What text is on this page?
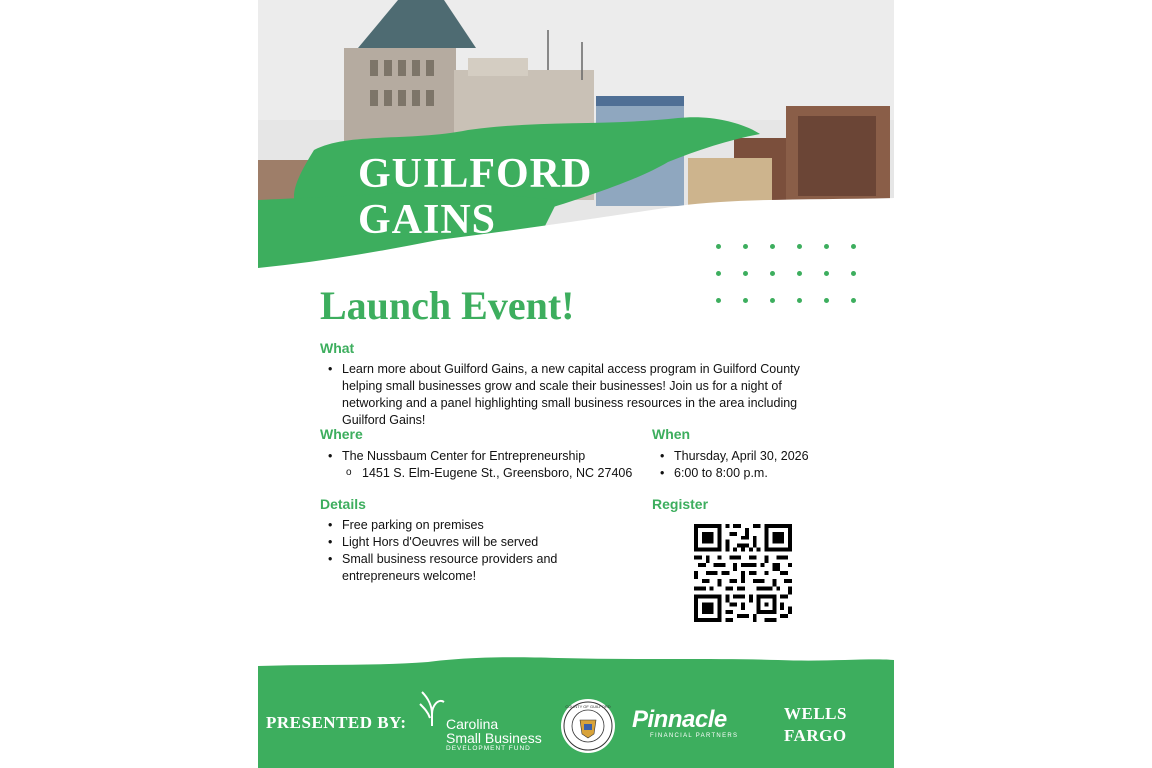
GUILFORD
GAINS
Launch Event!
What
• Learn more about Guilford Gains, a new capital access program in Guilford County helping small businesses grow and scale their businesses! Join us for a night of networking and a panel highlighting small business resources in the area including Guilford Gains!
Where
• The Nussbaum Center for Entrepreneurship
o 1451 S. Elm-Eugene St., Greensboro, NC 27406
When
• Thursday, April 30, 2026
• 6:00 to 8:00 p.m.
Details
• Free parking on premises
• Light Hors d'Oeuvres will be served
• Small business resource providers and entrepreneurs welcome!
Register
PRESENTED BY:	Carolina
Small Business
DEVELOPMENT FUND
COUNTY OF GUILFORD Pinnacle
FINANCIAL PARTNERS
WELLS
FARGO
